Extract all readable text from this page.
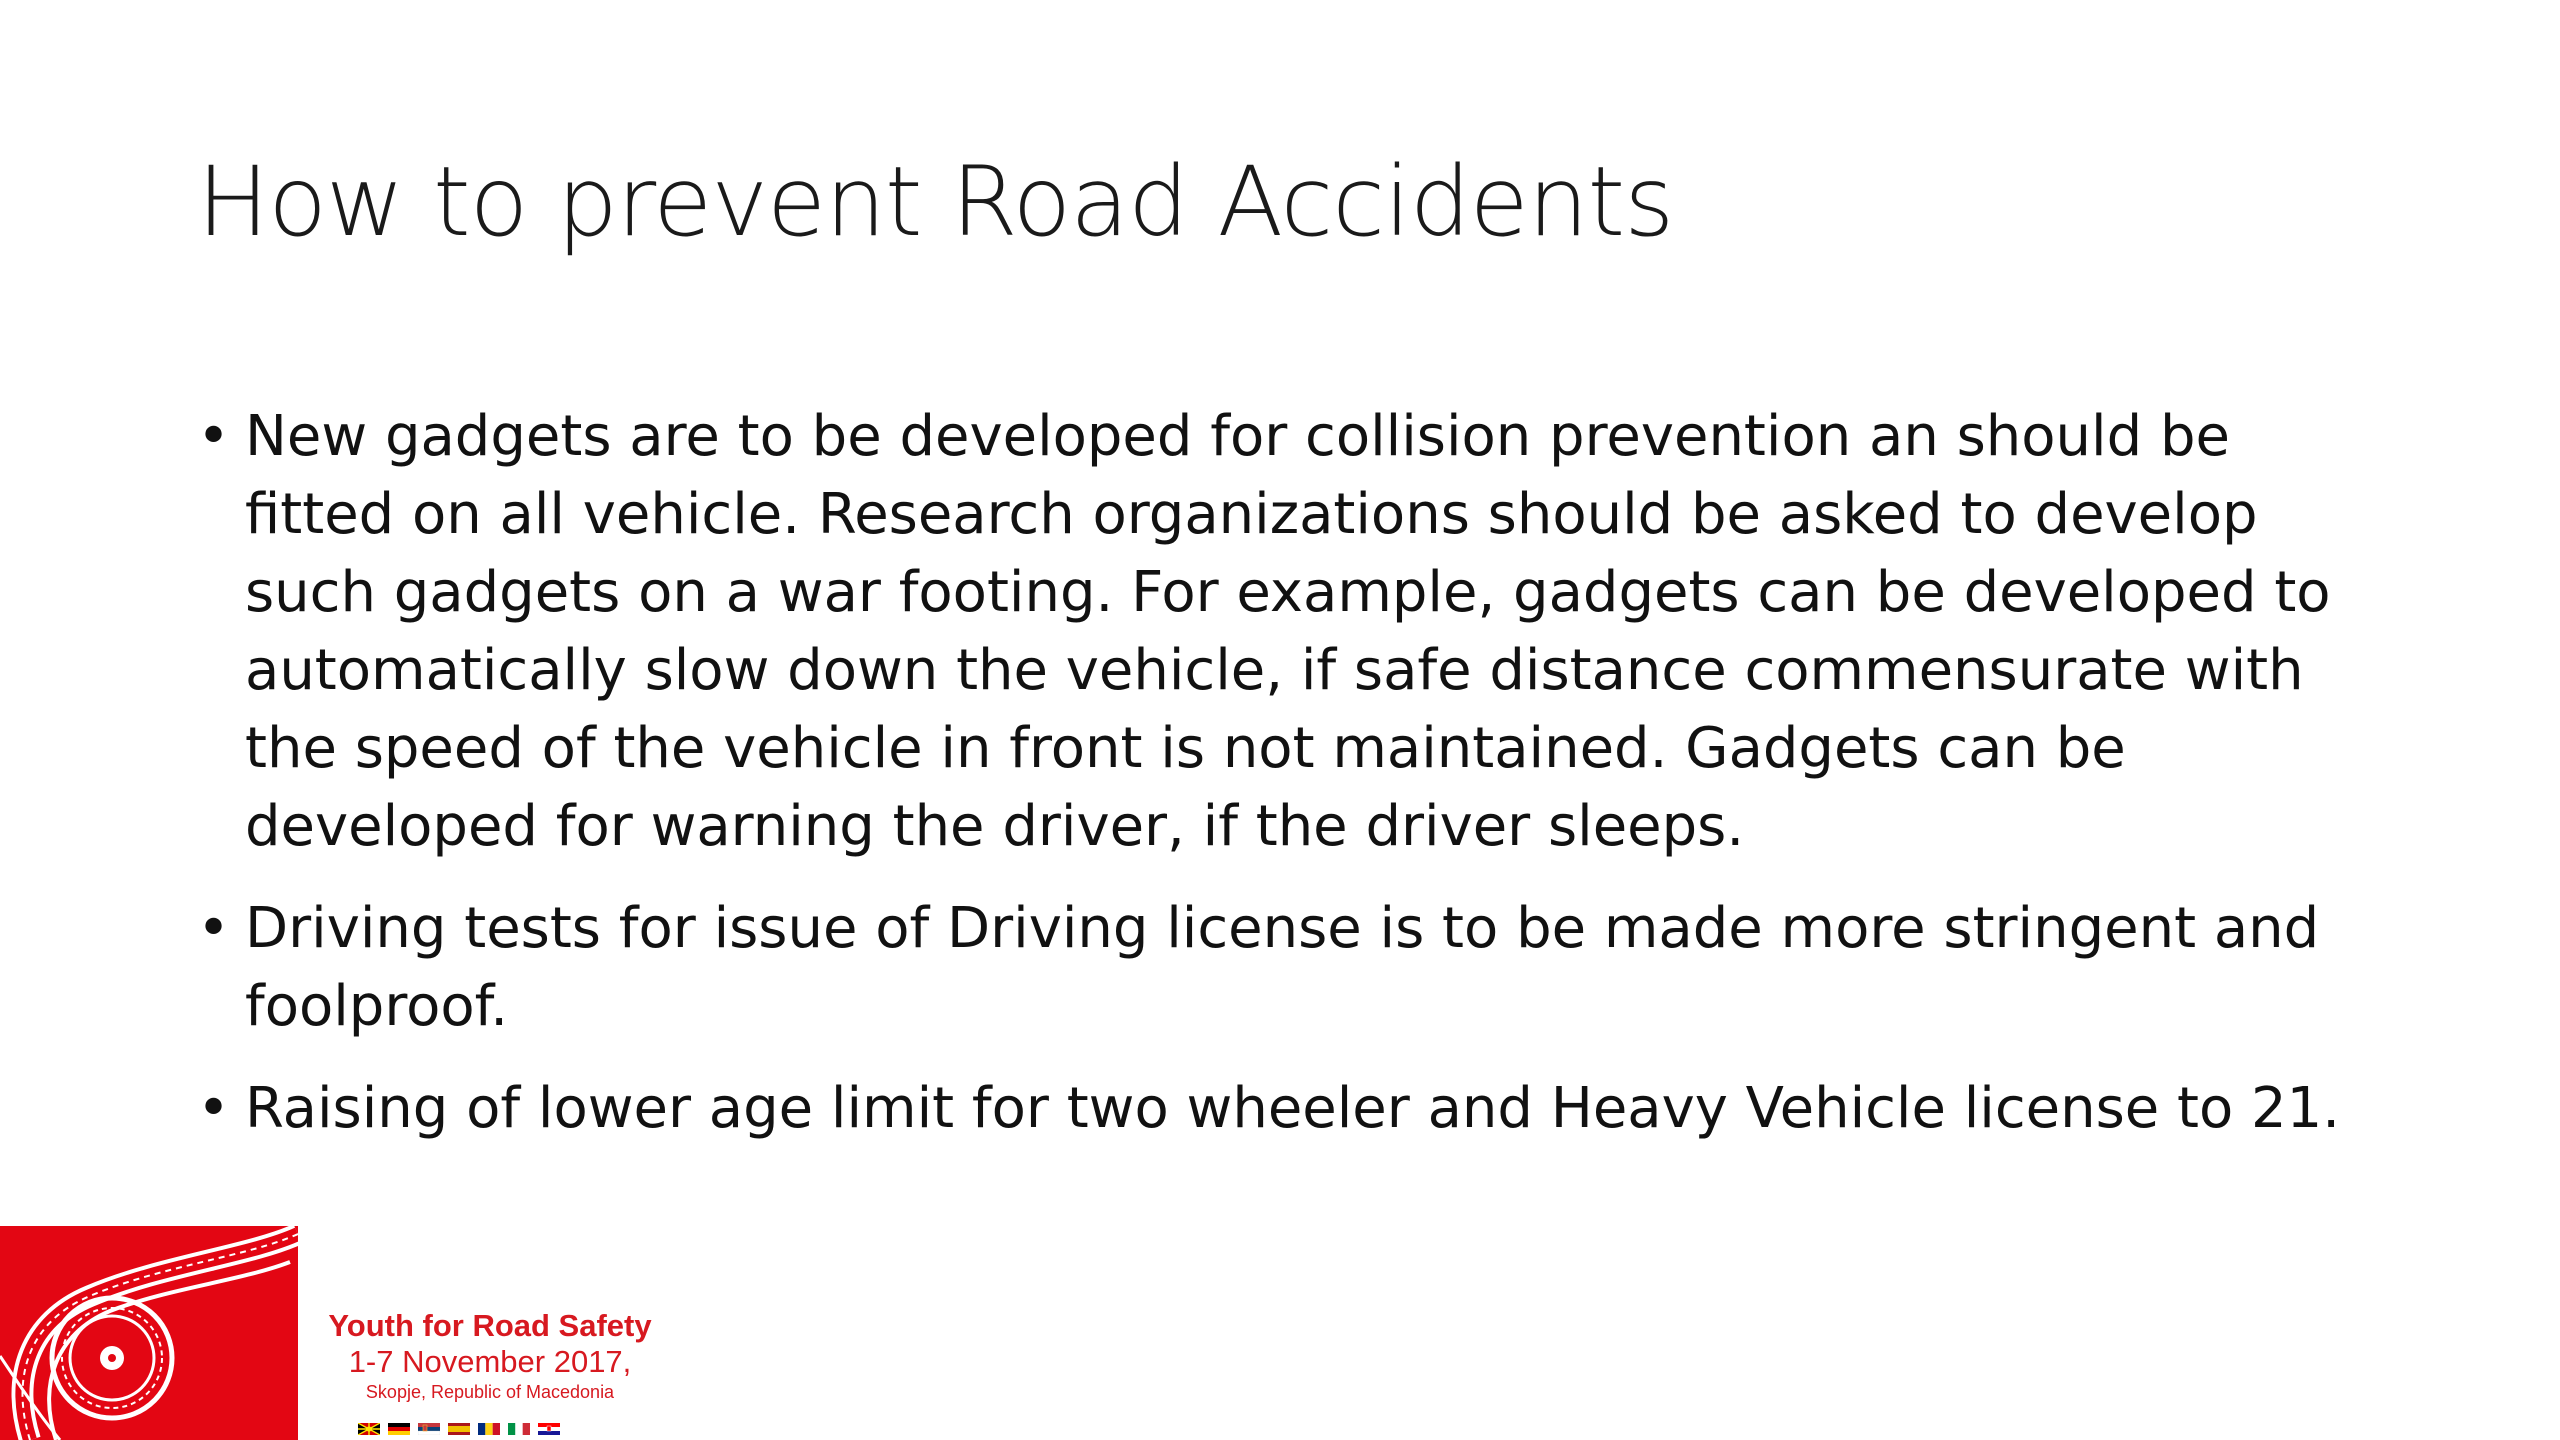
How to prevent Road Accidents
• New gadgets are to be developed for collision prevention an should be fitted on all vehicle. Research organizations should be asked to develop such gadgets on a war footing. For example, gadgets can be developed to automatically slow down the vehicle, if safe distance commensurate with the speed of the vehicle in front is not maintained. Gadgets can be developed for warning the driver, if the driver sleeps.
• Driving tests for issue of Driving license is to be made more stringent and foolproof.
• Raising of lower age limit for two wheeler and Heavy Vehicle license to 21.
Youth for Road Safety
1-7 November 2017,
Skopje, Republic of Macedonia
